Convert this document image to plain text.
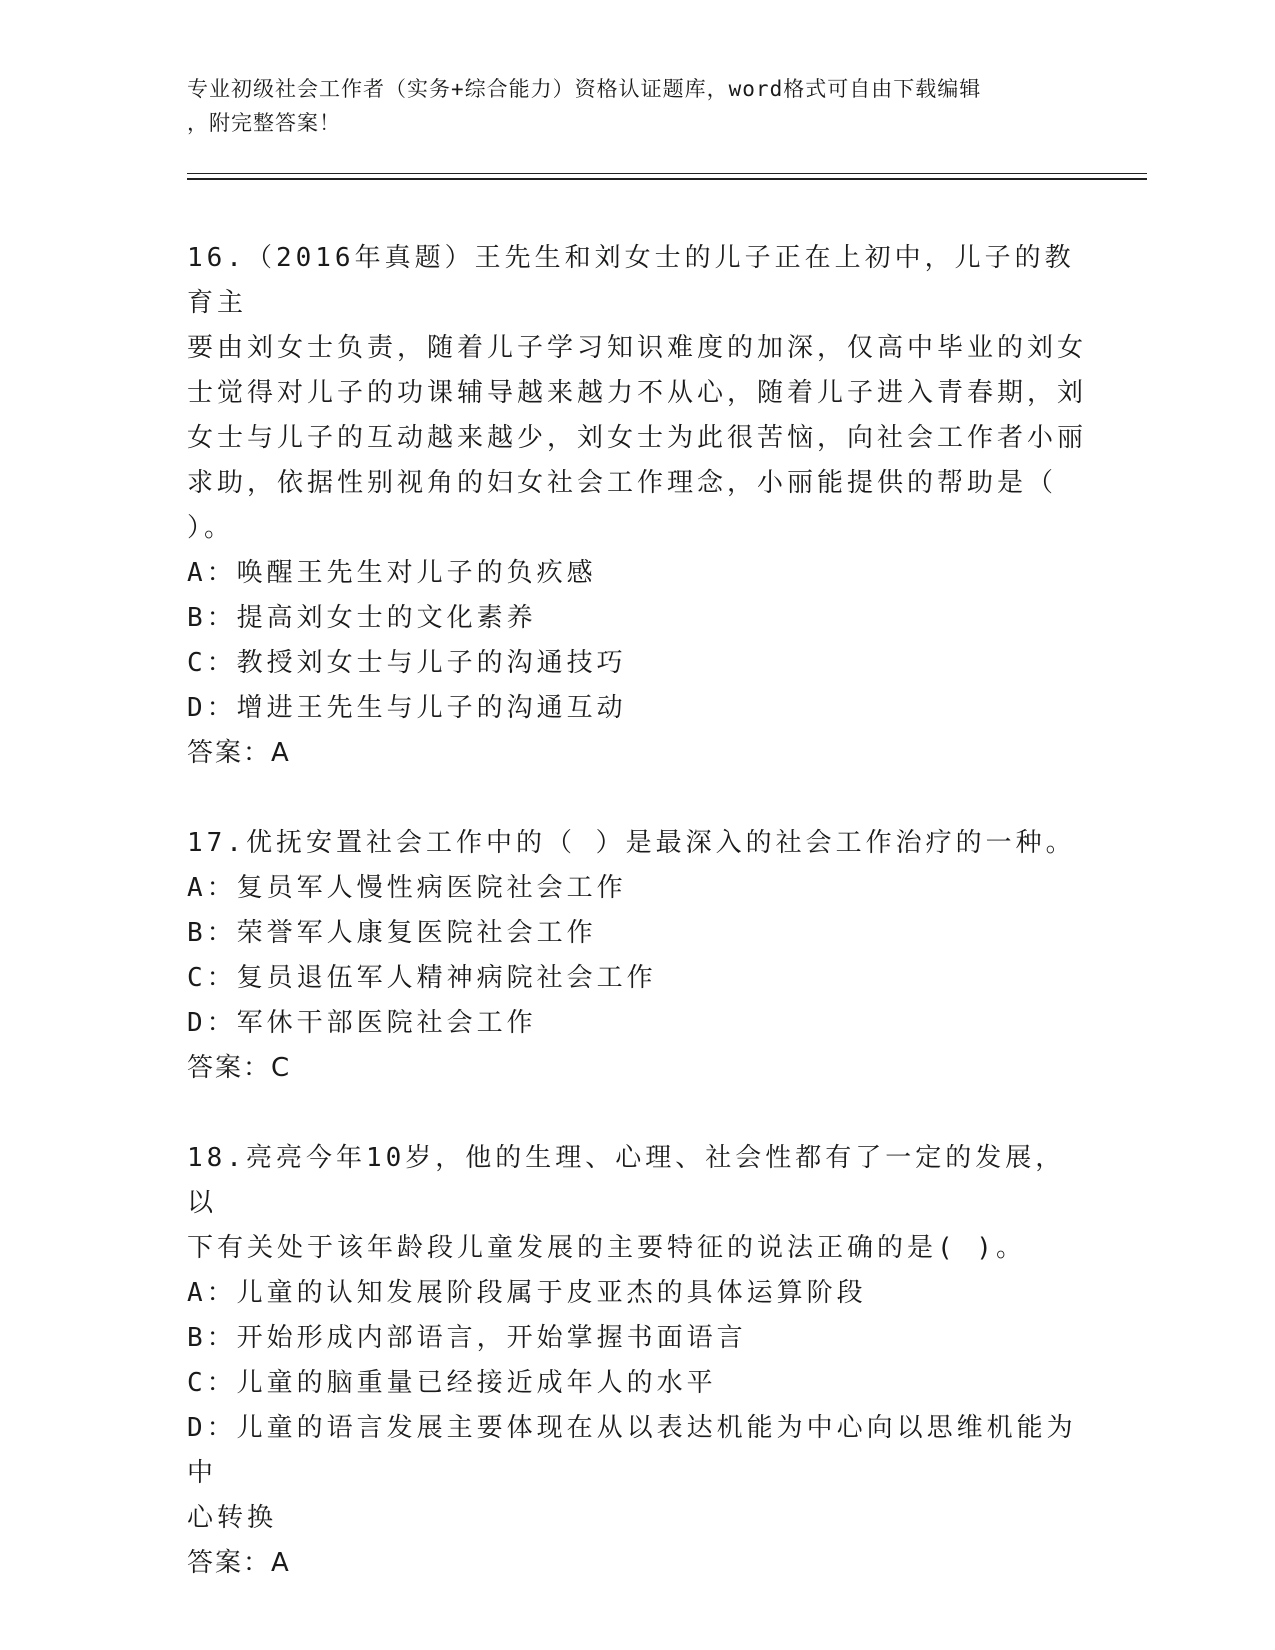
专业初级社会工作者（实务+综合能力）资格认证题库，word格式可自由下载编辑
，附完整答案！
16.（2016年真题）王先生和刘女士的儿子正在上初中，儿子的教育主
要由刘女士负责，随着儿子学习知识难度的加深，仅高中毕业的刘女
士觉得对儿子的功课辅导越来越力不从心，随着儿子进入青春期，刘
女士与儿子的互动越来越少，刘女士为此很苦恼，向社会工作者小丽
求助，依据性别视角的妇女社会工作理念，小丽能提供的帮助是（
）。
A：唤醒王先生对儿子的负疚感
B：提高刘女士的文化素养
C：教授刘女士与儿子的沟通技巧
D：增进王先生与儿子的沟通互动
答案：A
17.优抚安置社会工作中的（ ）是最深入的社会工作治疗的一种。
A：复员军人慢性病医院社会工作
B：荣誉军人康复医院社会工作
C：复员退伍军人精神病院社会工作
D：军休干部医院社会工作
答案：C
18.亮亮今年10岁，他的生理、心理、社会性都有了一定的发展，以
下有关处于该年龄段儿童发展的主要特征的说法正确的是( )。
A：儿童的认知发展阶段属于皮亚杰的具体运算阶段
B：开始形成内部语言，开始掌握书面语言
C：儿童的脑重量已经接近成年人的水平
D：儿童的语言发展主要体现在从以表达机能为中心向以思维机能为中
心转换
答案：A
